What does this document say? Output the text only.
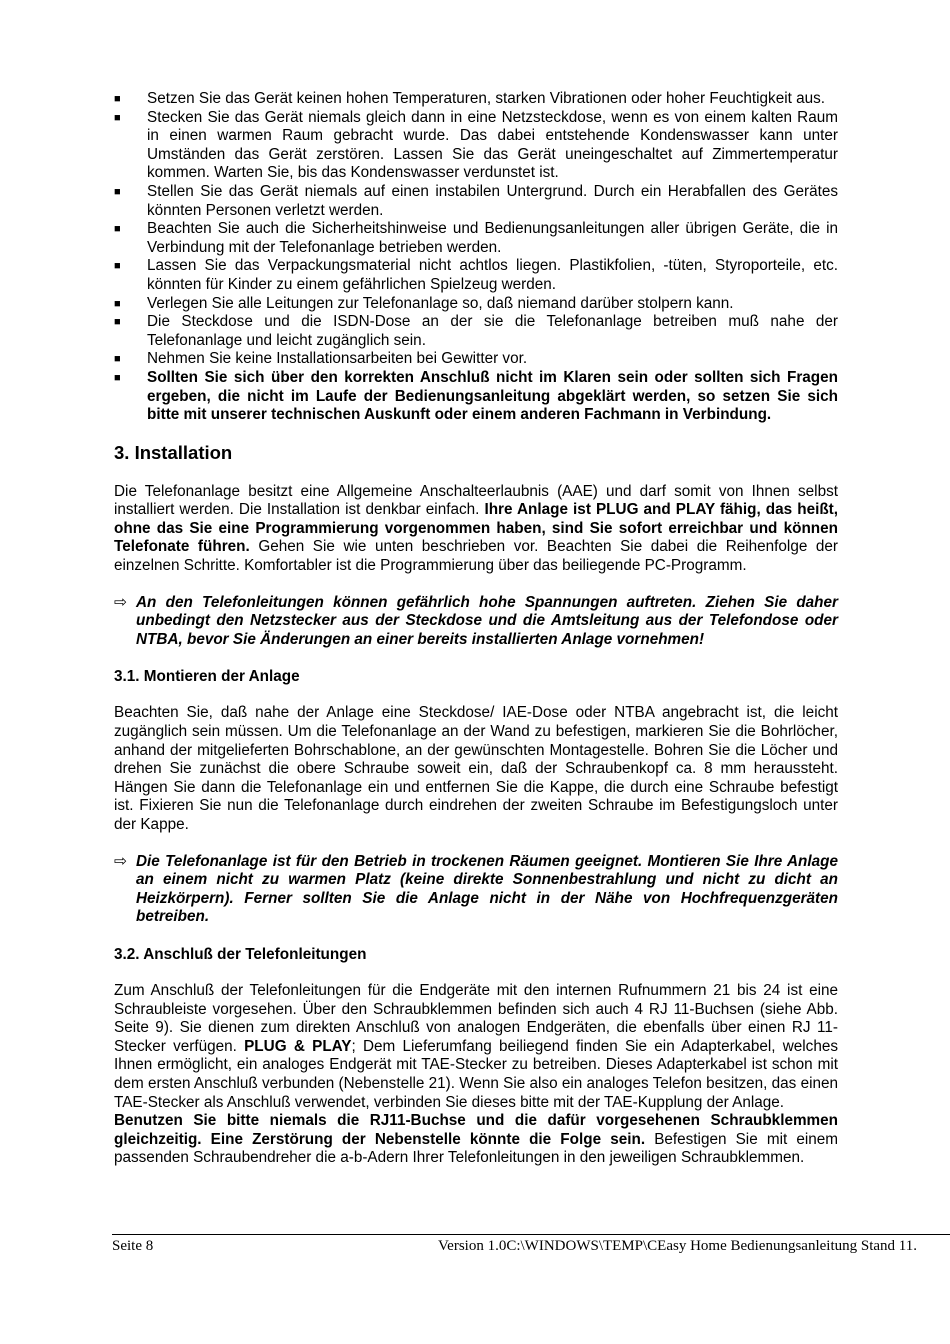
■ Setzen Sie das Gerät keinen hohen Temperaturen, starken Vibrationen oder hoher Feuchtigkeit aus.
■ Stecken Sie das Gerät niemals gleich dann in eine Netzsteckdose, wenn es von einem kalten Raum in einen warmen Raum gebracht wurde. Das dabei entstehende Kondenswasser kann unter Umständen das Gerät zerstören. Lassen Sie das Gerät uneingeschaltet auf Zimmertemperatur kommen. Warten Sie, bis das Kondenswasser verdunstet ist.
■ Stellen Sie das Gerät niemals auf einen instabilen Untergrund. Durch ein Herabfallen des Gerätes könnten Personen verletzt werden.
■ Beachten Sie auch die Sicherheitshinweise und Bedienungsanleitungen aller übrigen Geräte, die in Verbindung mit der Telefonanlage betrieben werden.
■ Lassen Sie das Verpackungsmaterial nicht achtlos liegen. Plastikfolien, -tüten, Styroporteile, etc. könnten für Kinder zu einem gefährlichen Spielzeug werden.
■ Verlegen Sie alle Leitungen zur Telefonanlage so, daß niemand darüber stolpern kann.
■ Die Steckdose und die ISDN-Dose an der sie die Telefonanlage betreiben muß nahe der Telefonanlage und leicht zugänglich sein.
■ Nehmen Sie keine Installationsarbeiten bei Gewitter vor.
■ Sollten Sie sich über den korrekten Anschluß nicht im Klaren sein oder sollten sich Fragen ergeben, die nicht im Laufe der Bedienungsanleitung abgeklärt werden, so setzen Sie sich bitte mit unserer technischen Auskunft oder einem anderen Fachmann in Verbindung.
3. Installation

Die Telefonanlage besitzt eine Allgemeine Anschalteerlaubnis (AAE) und darf somit von Ihnen selbst installiert werden. Die Installation ist denkbar einfach. Ihre Anlage ist PLUG and PLAY fähig, das heißt, ohne das Sie eine Programmierung vorgenommen haben, sind Sie sofort erreichbar und können Telefonate führen. Gehen Sie wie unten beschrieben vor. Beachten Sie dabei die Reihenfolge der einzelnen Schritte. Komfortabler ist die Programmierung über das beiliegende PC-Programm.

⇨ An den Telefonleitungen können gefährlich hohe Spannungen auftreten. Ziehen Sie daher unbedingt den Netzstecker aus der Steckdose und die Amtsleitung aus der Telefondose oder NTBA, bevor Sie Änderungen an einer bereits installierten Anlage vornehmen!
3.1. Montieren der Anlage

Beachten Sie, daß nahe der Anlage eine Steckdose/ IAE-Dose oder NTBA angebracht ist, die leicht zugänglich sein müssen. Um die Telefonanlage an der Wand zu befestigen, markieren Sie die Bohrlöcher, anhand der mitgelieferten Bohrschablone, an der gewünschten Montagestelle. Bohren Sie die Löcher und drehen Sie zunächst die obere Schraube soweit ein, daß der Schraubenkopf ca. 8 mm heraussteht. Hängen Sie dann die Telefonanlage ein und entfernen Sie die Kappe, die durch eine Schraube befestigt ist. Fixieren Sie nun die Telefonanlage durch eindrehen der zweiten Schraube im Befestigungsloch unter der Kappe.

⇨ Die Telefonanlage ist für den Betrieb in trockenen Räumen geeignet. Montieren Sie Ihre Anlage an einem nicht zu warmen Platz (keine direkte Sonnenbestrahlung und nicht zu dicht an Heizkörpern). Ferner sollten Sie die Anlage nicht in der Nähe von Hochfrequenzgeräten betreiben.
3.2. Anschluß der Telefonleitungen

Zum Anschluß der Telefonleitungen für die Endgeräte mit den internen Rufnummern 21 bis 24 ist eine Schraubleiste vorgesehen. Über den Schraubklemmen befinden sich auch 4 RJ 11-Buchsen (siehe Abb. Seite 9). Sie dienen zum direkten Anschluß von analogen Endgeräten, die ebenfalls über einen RJ 11-Stecker verfügen. PLUG & PLAY; Dem Lieferumfang beiliegend finden Sie ein Adapterkabel, welches Ihnen ermöglicht, ein analoges Endgerät mit TAE-Stecker zu betreiben. Dieses Adapterkabel ist schon mit dem ersten Anschluß verbunden (Nebenstelle 21). Wenn Sie also ein analoges Telefon besitzen, das einen TAE-Stecker als Anschluß verwendet, verbinden Sie dieses bitte mit der TAE-Kupplung der Anlage.

Benutzen Sie bitte niemals die RJ11-Buchse und die dafür vorgesehenen Schraubklemmen gleichzeitig. Eine Zerstörung der Nebenstelle könnte die Folge sein. Befestigen Sie mit einem passenden Schraubendreher die a-b-Adern Ihrer Telefonleitungen in den jeweiligen Schraubklemmen.

Seite 8	Version 1.0C:\WINDOWS\TEMP\CEasy Home Bedienungsanleitung Stand 11.
